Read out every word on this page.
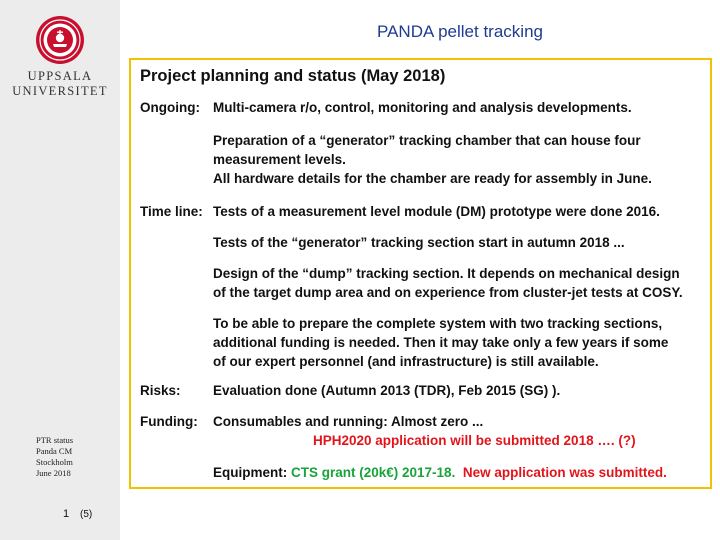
UPPSALA
UNIVERSITET
PTR status
Panda CM
Stockholm
June 2018
PANDA pellet tracking
Project planning and status (May 2018)
Ongoing: Multi-camera r/o, control, monitoring and analysis developments.
Preparation of a “generator” tracking chamber that can house four
measurement levels.
All hardware details for the chamber are ready for assembly in June.
Time line: Tests of a measurement level module (DM) prototype were done 2016.
Tests of the “generator” tracking section start in autumn 2018 ...
Design of the “dump” tracking section. It depends on mechanical design
of the target dump area and on experience from cluster-jet tests at COSY.
To be able to prepare the complete system with two tracking sections,
additional funding is needed. Then it may take only a few years if some
of our expert personnel (and infrastructure) is still available.
Risks: Evaluation done (Autumn 2013 (TDR), Feb 2015 (SG) ).
Funding: Consumables and running: Almost zero ...
HPH2020 application will be submitted 2018 …. (?)
Equipment: CTS grant (20k€) 2017-18. New application was submitted.
1 (5)
